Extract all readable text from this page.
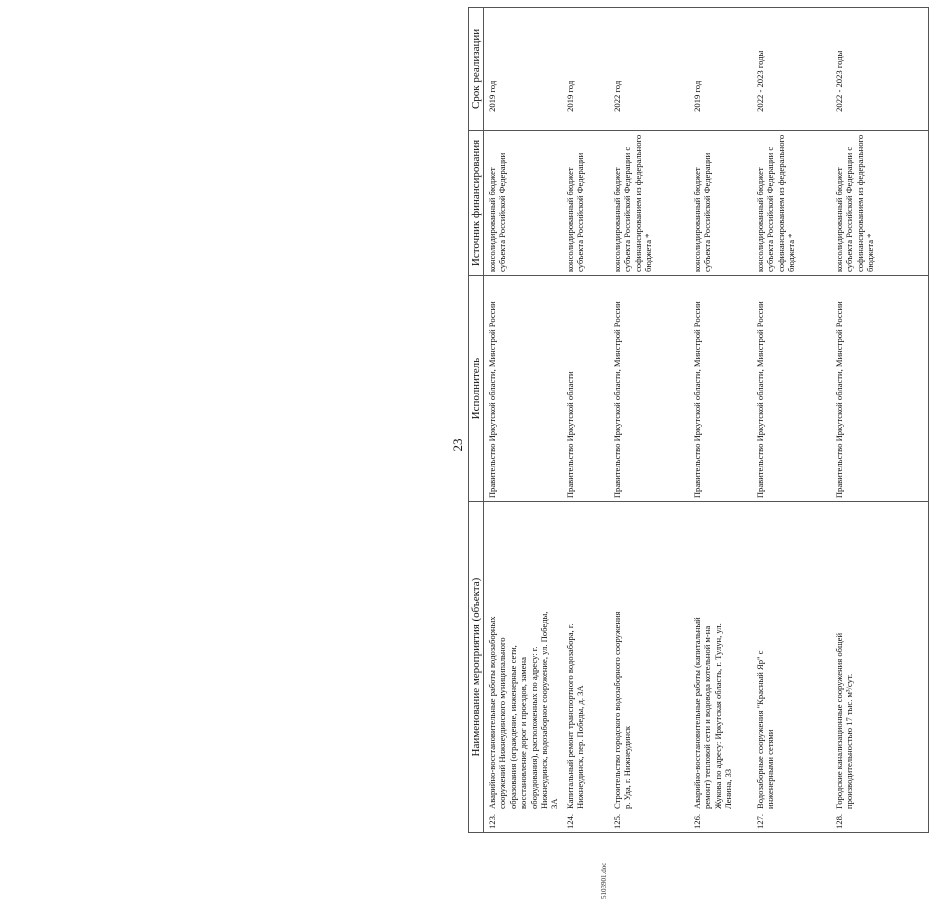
23
Наименование мероприятия (объекта)	Исполнитель	Источник финансирования	Срок реализации
123.Аварийно-восстановительные работы водозаборных сооружений Нижнеудинского муниципального образования (ограждение, инженерные сети, восстановление дорог и проездов, замена оборудования), расположенных по адресу: г. Нижнеудинск, водозаборное сооружение, ул. Победы, 3А	Правительство Иркутской области, Минстрой России	консолидированный бюджет субъекта Российской Федерации	2019 год
124.Капитальный ремонт транспортного водозабора, г. Нижнеудинск, пер. Победы, д. 3А	Правительство Иркутской области	консолидированный бюджет субъекта Российской Федерации	2019 год
125.Строительство городского водозаборного сооружения р. Уда, г. Нижнеудинск	Правительство Иркутской области, Минстрой России	консолидированный бюджет субъекта Российской Федерации с софинансированием из федерального бюджета *	2022 год
126.Аварийно-восстановительные работы (капитальный ремонт) тепловой сети и водовода котельной м-на Жукова по адресу: Иркутская область, г. Тулун, ул. Ленина, 33	Правительство Иркутской области, Минстрой России	консолидированный бюджет субъекта Российской Федерации	2019 год
127.Водозаборные сооружения "Красный Яр" с инженерными сетями	Правительство Иркутской области, Минстрой России	консолидированный бюджет субъекта Российской Федерации с софинансированием из федерального бюджета *	2022 - 2023 годы
128.Городские канализационные сооружения общей производительностью 17 тыс. м³/сут.	Правительство Иркутской области, Минстрой России	консолидированный бюджет субъекта Российской Федерации с софинансированием из федерального бюджета *	2022 - 2023 годы
5103901.doc
